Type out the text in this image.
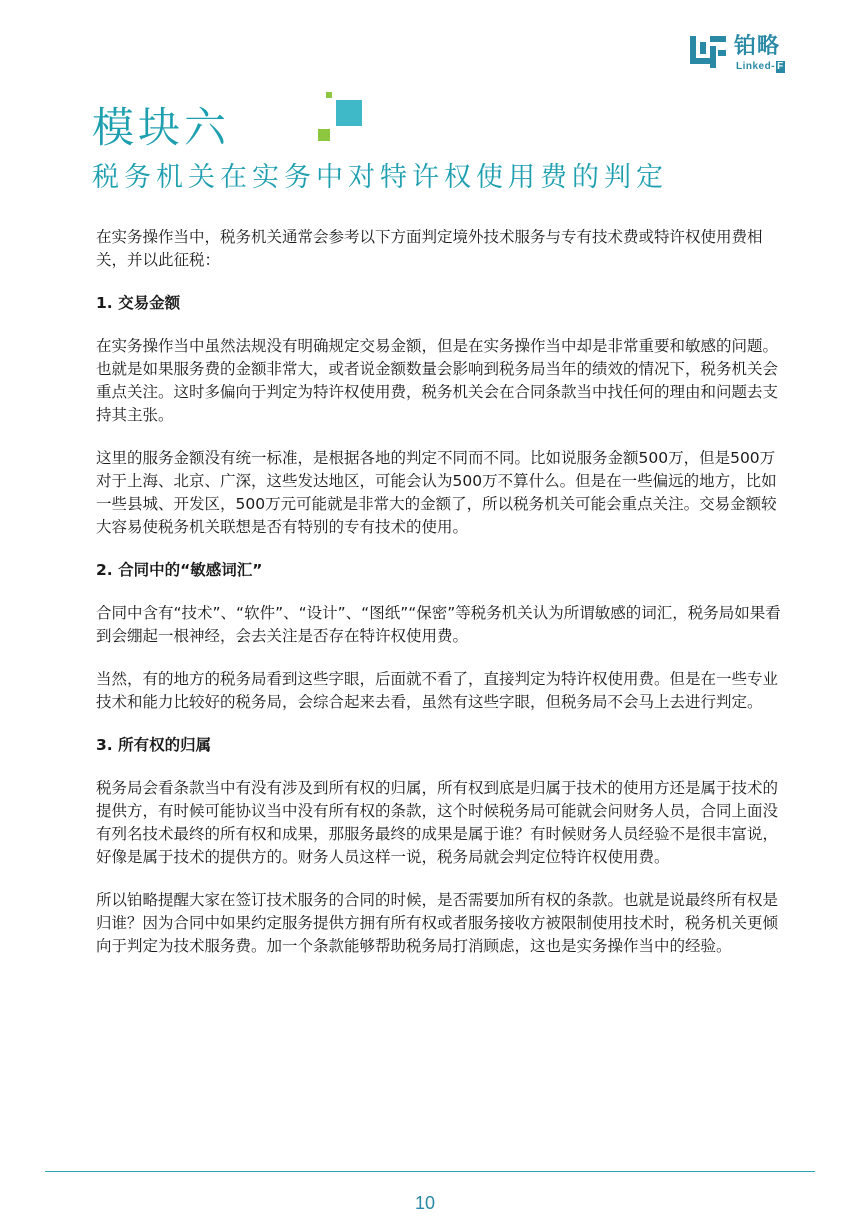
铂略
Linked- F
模块六
税务机关在实务中对特许权使用费的判定

在实务操作当中，税务机关通常会参考以下方面判定境外技术服务与专有技术费或特许权使用费相关，并以此征税：

1. 交易金额

在实务操作当中虽然法规没有明确规定交易金额，但是在实务操作当中却是非常重要和敏感的问题。也就是如果服务费的金额非常大，或者说金额数量会影响到税务局当年的绩效的情况下，税务机关会重点关注。这时多偏向于判定为特许权使用费，税务机关会在合同条款当中找任何的理由和问题去支持其主张。

这里的服务金额没有统一标准，是根据各地的判定不同而不同。比如说服务金额500万，但是500万对于上海、北京、广深，这些发达地区，可能会认为500万不算什么。但是在一些偏远的地方，比如一些县城、开发区，500万元可能就是非常大的金额了，所以税务机关可能会重点关注。交易金额较大容易使税务机关联想是否有特别的专有技术的使用。

2. 合同中的“敏感词汇”

合同中含有“技术”、“软件”、“设计”、“图纸”“保密”等税务机关认为所谓敏感的词汇，税务局如果看到会绷起一根神经，会去关注是否存在特许权使用费。

当然，有的地方的税务局看到这些字眼，后面就不看了，直接判定为特许权使用费。但是在一些专业技术和能力比较好的税务局，会综合起来去看，虽然有这些字眼，但税务局不会马上去进行判定。

3. 所有权的归属

税务局会看条款当中有没有涉及到所有权的归属，所有权到底是归属于技术的使用方还是属于技术的提供方，有时候可能协议当中没有所有权的条款，这个时候税务局可能就会问财务人员，合同上面没有列名技术最终的所有权和成果，那服务最终的成果是属于谁？有时候财务人员经验不是很丰富说，好像是属于技术的提供方的。财务人员这样一说，税务局就会判定位特许权使用费。

所以铂略提醒大家在签订技术服务的合同的时候，是否需要加所有权的条款。也就是说最终所有权是归谁？因为合同中如果约定服务提供方拥有所有权或者服务接收方被限制使用技术时，税务机关更倾向于判定为技术服务费。加一个条款能够帮助税务局打消顾虑，这也是实务操作当中的经验。

10
